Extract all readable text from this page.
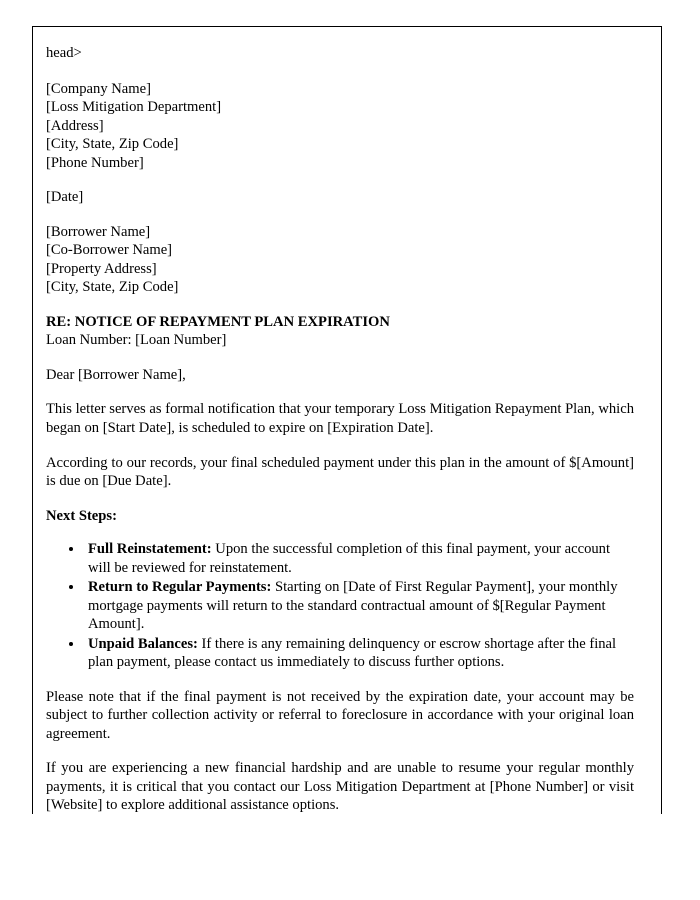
head>
[Company Name]
[Loss Mitigation Department]
[Address]
[City, State, Zip Code]
[Phone Number]
[Date]
[Borrower Name]
[Co-Borrower Name]
[Property Address]
[City, State, Zip Code]
RE: NOTICE OF REPAYMENT PLAN EXPIRATION
Loan Number: [Loan Number]
Dear [Borrower Name],

This letter serves as formal notification that your temporary Loss Mitigation Repayment Plan, which began on [Start Date], is scheduled to expire on [Expiration Date].

According to our records, your final scheduled payment under this plan in the amount of $[Amount] is due on [Due Date].

Next Steps:
• Full Reinstatement: Upon the successful completion of this final payment, your account will be reviewed for reinstatement.
• Return to Regular Payments: Starting on [Date of First Regular Payment], your monthly mortgage payments will return to the standard contractual amount of $[Regular Payment Amount].
• Unpaid Balances: If there is any remaining delinquency or escrow shortage after the final plan payment, please contact us immediately to discuss further options.

Please note that if the final payment is not received by the expiration date, your account may be subject to further collection activity or referral to foreclosure in accordance with your original loan agreement.

If you are experiencing a new financial hardship and are unable to resume your regular monthly payments, it is critical that you contact our Loss Mitigation Department at [Phone Number] or visit [Website] to explore additional assistance options.
